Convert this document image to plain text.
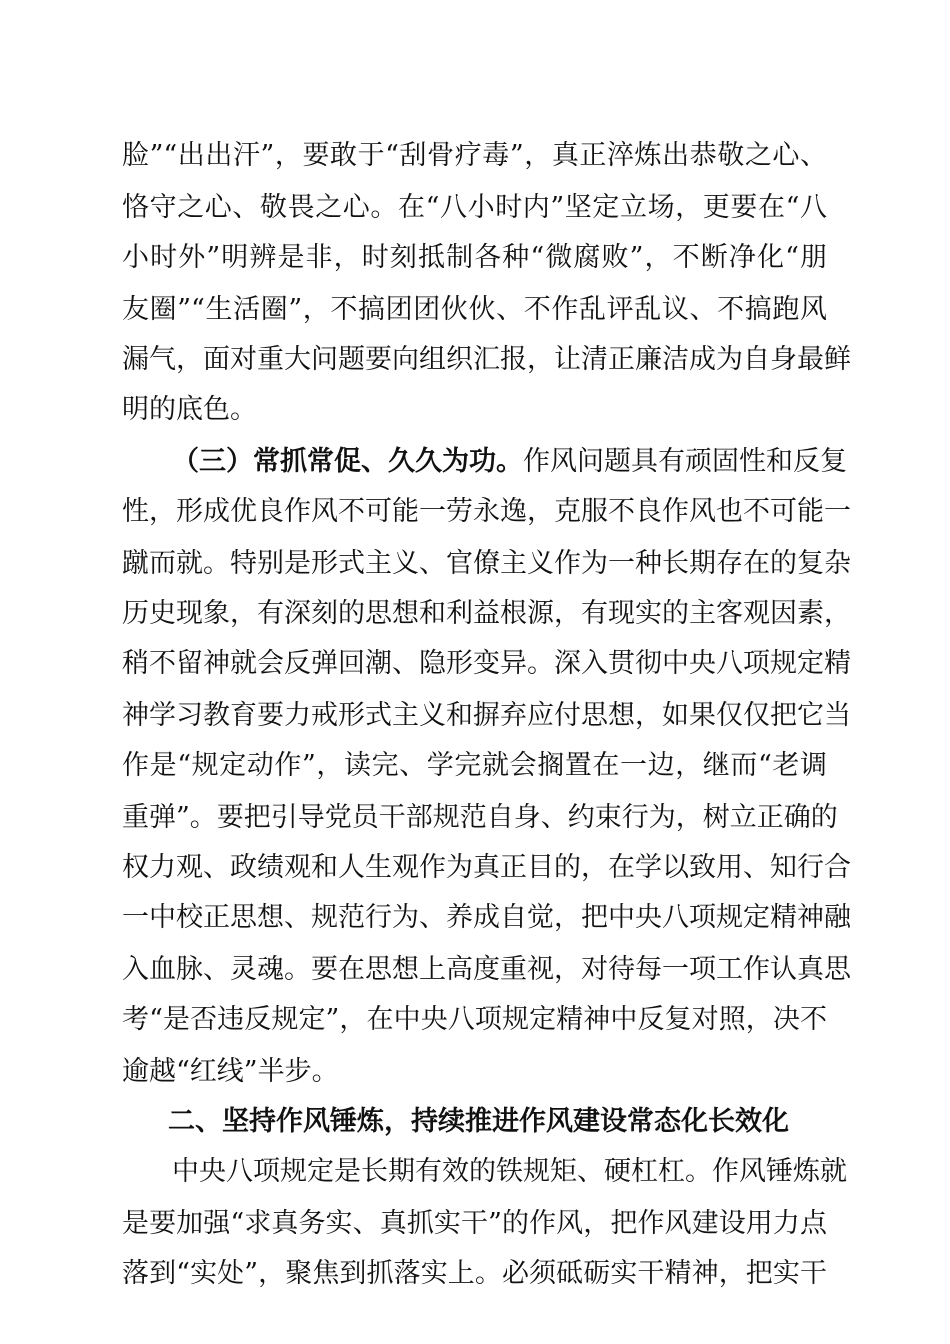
脸”“出出汗”，要敢于“刮骨疗毒”，真正淬炼出恭敬之心、
恪守之心、敬畏之心。在“八小时内”坚定立场，更要在“八
小时外”明辨是非，时刻抵制各种“微腐败”，不断净化“朋
友圈”“生活圈”，不搞团团伙伙、不作乱评乱议、不搞跑风
漏气，面对重大问题要向组织汇报，让清正廉洁成为自身最鲜
明的底色。
（三）常抓常促、久久为功。作风问题具有顽固性和反复
性，形成优良作风不可能一劳永逸，克服不良作风也不可能一
蹴而就。特别是形式主义、官僚主义作为一种长期存在的复杂
历史现象，有深刻的思想和利益根源，有现实的主客观因素，
稍不留神就会反弹回潮、隐形变异。深入贯彻中央八项规定精
神学习教育要力戒形式主义和摒弃应付思想，如果仅仅把它当
作是“规定动作”，读完、学完就会搁置在一边，继而“老调
重弹”。要把引导党员干部规范自身、约束行为，树立正确的
权力观、政绩观和人生观作为真正目的，在学以致用、知行合
一中校正思想、规范行为、养成自觉，把中央八项规定精神融
入血脉、灵魂。要在思想上高度重视，对待每一项工作认真思
考“是否违反规定”，在中央八项规定精神中反复对照，决不
逾越“红线”半步。
二、坚持作风锤炼，持续推进作风建设常态化长效化
中央八项规定是长期有效的铁规矩、硬杠杠。作风锤炼就
是要加强“求真务实、真抓实干”的作风，把作风建设用力点
落到“实处”，聚焦到抓落实上。必须砥砺实干精神，把实干
